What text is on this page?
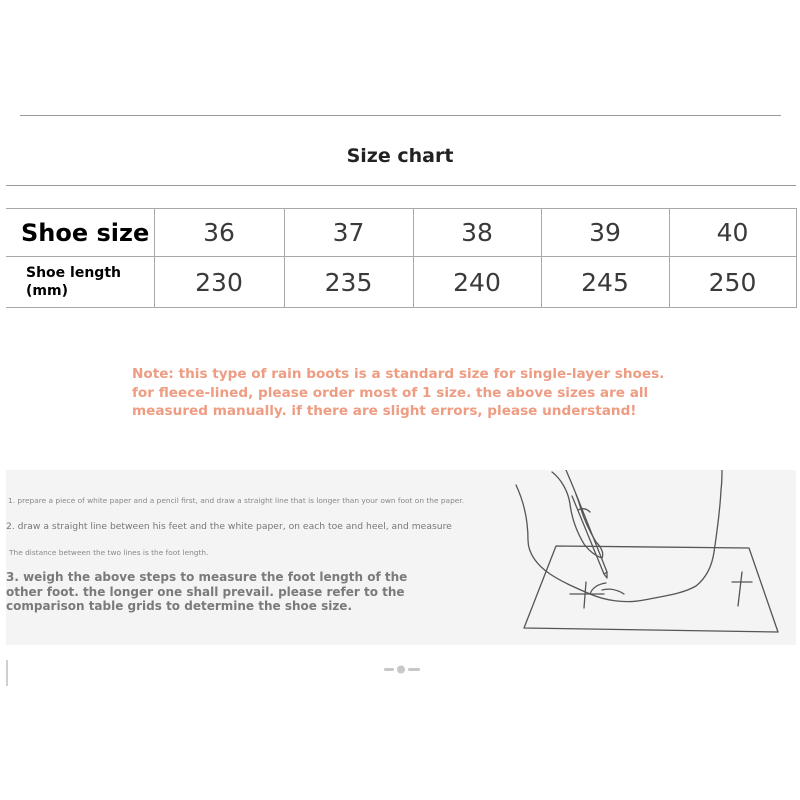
Size chart
Shoe size	36	37	38	39	40

Shoe length (mm)	230	235	240	245	250
Note: this type of rain boots is a standard size for single-layer shoes.
for fleece-lined, please order most of 1 size. the above sizes are all
measured manually. if there are slight errors, please understand!
1. prepare a piece of white paper and a pencil first, and draw a straight line that is longer than your own foot on the paper.
2. draw a straight line between his feet and the white paper, on each toe and heel, and measure
The distance between the two lines is the foot length.
3. weigh the above steps to measure the foot length of the other foot. the longer one shall prevail. please refer to the comparison table grids to determine the shoe size.
